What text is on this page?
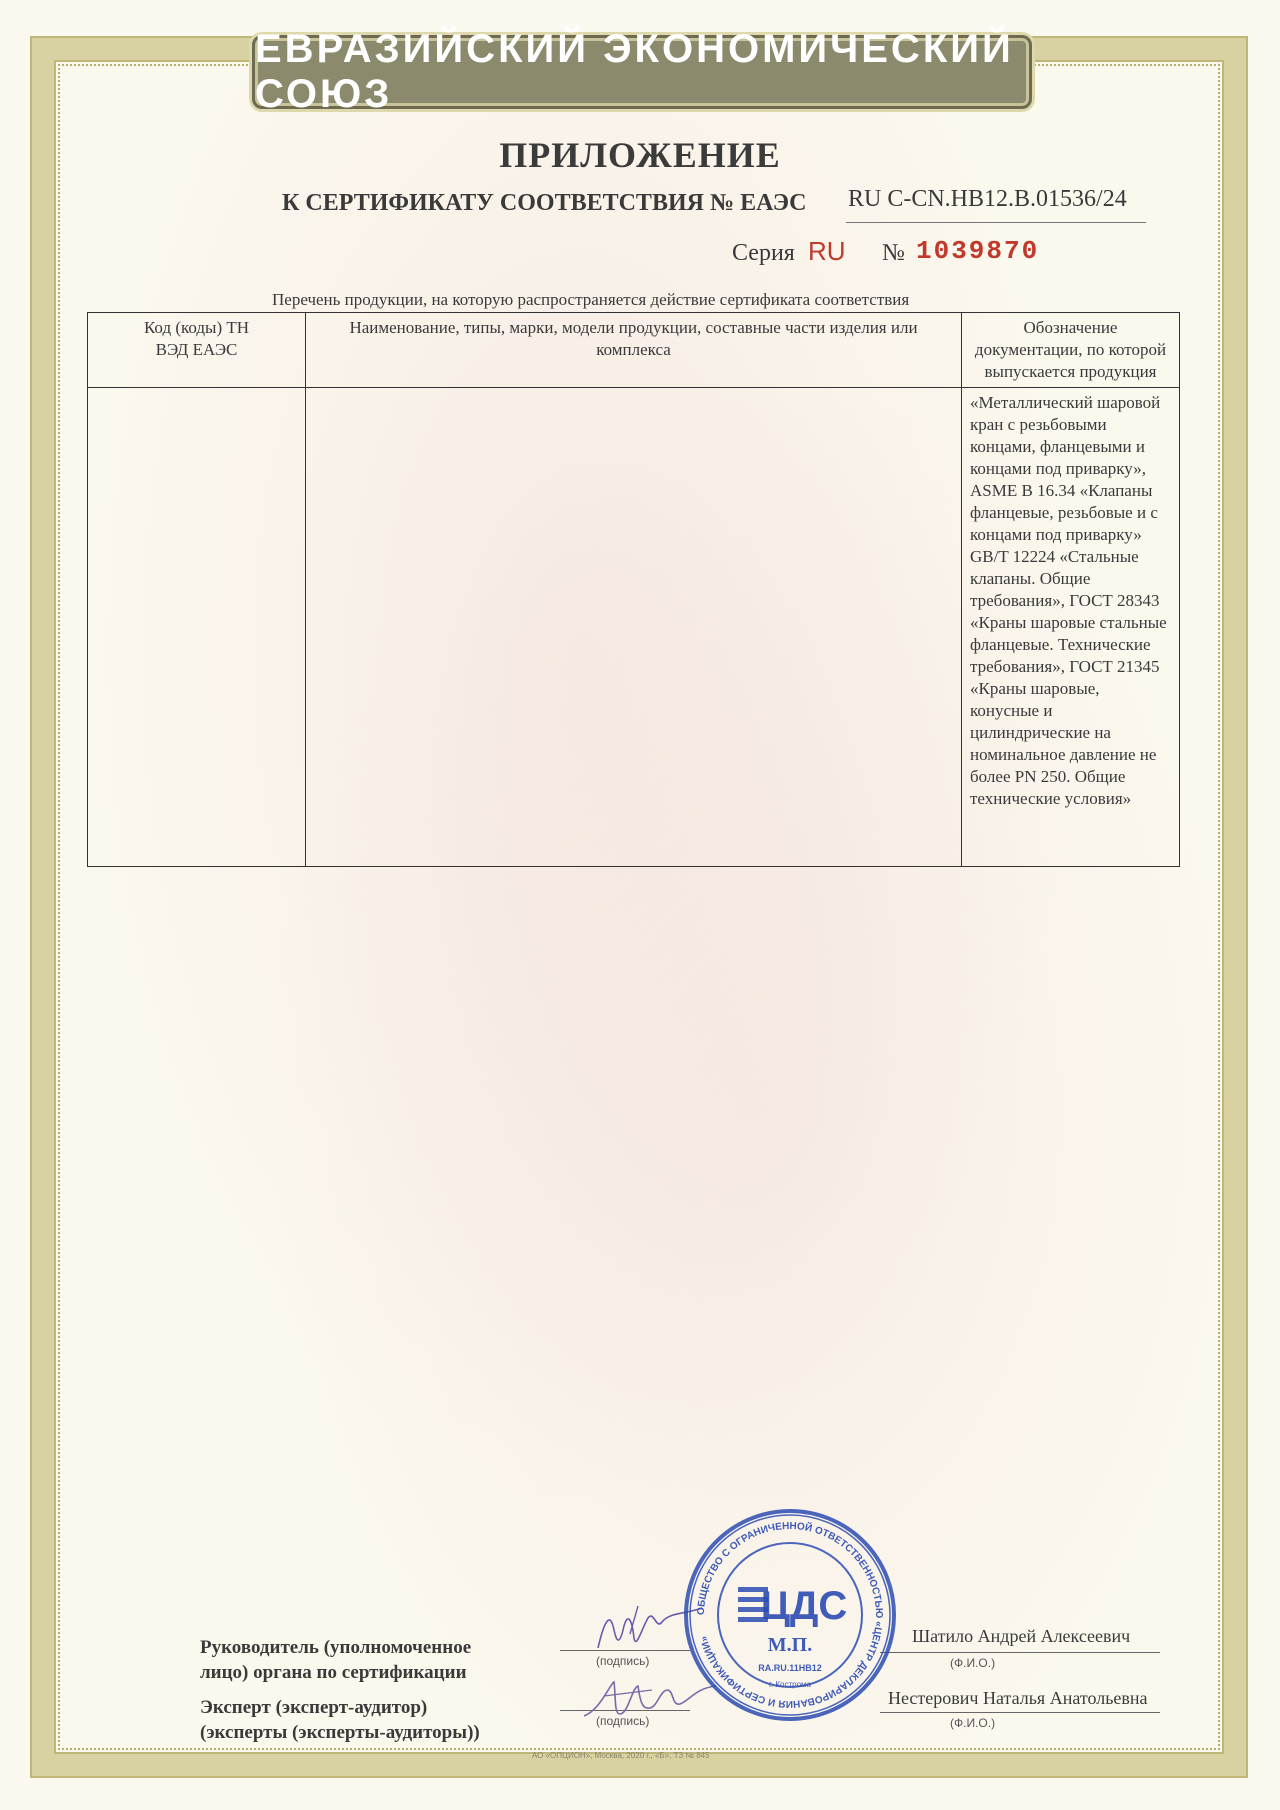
ЕВРАЗИЙСКИЙ ЭКОНОМИЧЕСКИЙ СОЮЗ
ПРИЛОЖЕНИЕ
К СЕРТИФИКАТУ СООТВЕТСТВИЯ № ЕАЭС RU C-CN.НВ12.В.01536/24
Серия RU № 1039870
Перечень продукции, на которую распространяется действие сертификата соответствия
Код (коды) ТН ВЭД ЕАЭС	Наименование, типы, марки, модели продукции, составные части изделия или комплекса	Обозначение документации, по которой выпускается продукция
		«Металлический шаровой кран с резьбовыми концами, фланцевыми и концами под приварку», ASME B 16.34 «Клапаны фланцевые, резьбовые и с концами под приварку» GB/T 12224 «Стальные клапаны. Общие требования», ГОСТ 28343 «Краны шаровые стальные фланцевые. Технические требования», ГОСТ 21345 «Краны шаровые, конусные и цилиндрические на номинальное давление не более PN 250. Общие технические условия»
Руководитель (уполномоченное
лицо) органа по сертификации
(подпись)
Шатило Андрей Алексеевич
(Ф.И.О.)
Эксперт (эксперт-аудитор)
(эксперты (эксперты-аудиторы))
(подпись)
Нестерович Наталья Анатольевна
(Ф.И.О.)
ОБЩЕСТВО С ОГРАНИЧЕННОЙ ОТВЕТСТВЕННОСТЬЮ «ЦЕНТР ДЕКЛАРИРОВАНИЯ И СЕРТИФИКАЦИИ»
ЦДС
М.П.
RA.RU.11НВ12
г. Кострома
АО «ОПЦИОН», Москва, 2020 г., «Б», ТЗ № 845
